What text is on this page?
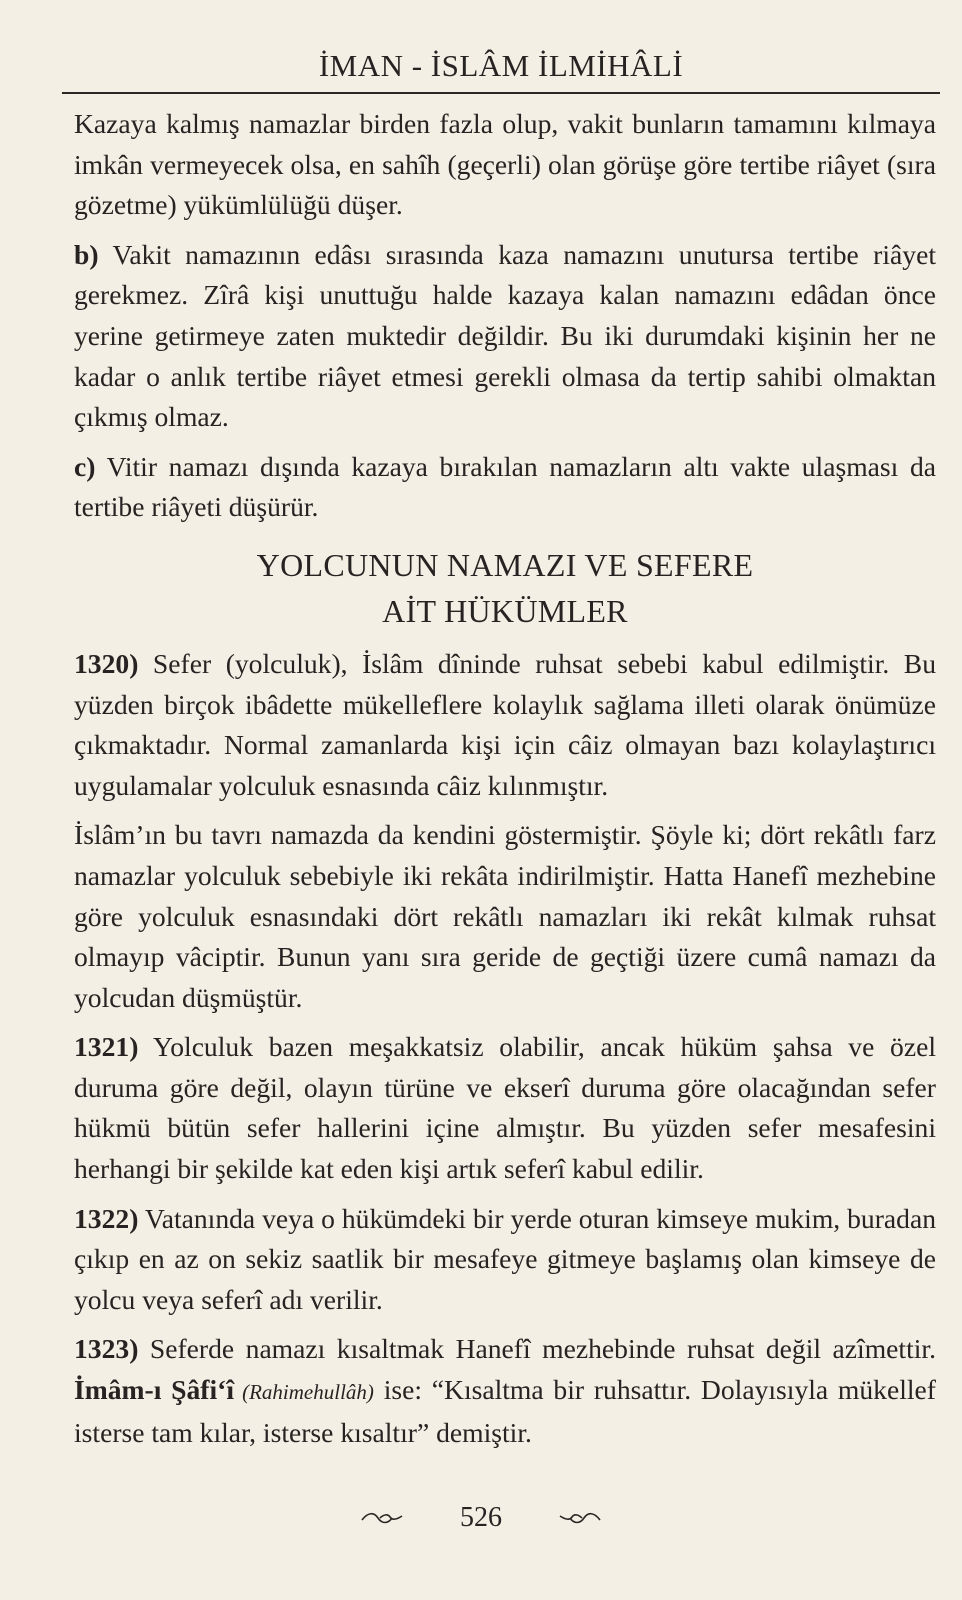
İMAN - İSLÂM İLMİHÂLİ

Kazaya kalmış namazlar birden fazla olup, vakit bunların tamamını kılmaya imkân vermeyecek olsa, en sahîh (geçerli) olan görüşe göre tertibe riâyet (sıra gözetme) yükümlülüğü düşer.

b) Vakit namazının edâsı sırasında kaza namazını unutursa tertibe riâyet gerekmez. Zîrâ kişi unuttuğu halde kazaya kalan namazını edâdan önce yerine getirmeye zaten muktedir değildir. Bu iki durumdaki kişinin her ne kadar o anlık tertibe riâyet etmesi gerekli olmasa da tertip sahibi olmaktan çıkmış olmaz.

c) Vitir namazı dışında kazaya bırakılan namazların altı vakte ulaşması da tertibe riâyeti düşürür.

YOLCUNUN NAMAZI VE SEFERE
AİT HÜKÜMLER

1320) Sefer (yolculuk), İslâm dîninde ruhsat sebebi kabul edilmiştir. Bu yüzden birçok ibâdette mükelleflere kolaylık sağlama illeti olarak önümüze çıkmaktadır. Normal zamanlarda kişi için câiz olmayan bazı kolaylaştırıcı uygulamalar yolculuk esnasında câiz kılınmıştır.

İslâm’ın bu tavrı namazda da kendini göstermiştir. Şöyle ki; dört rekâtlı farz namazlar yolculuk sebebiyle iki rekâta indirilmiştir. Hatta Hanefî mezhebine göre yolculuk esnasındaki dört rekâtlı namazları iki rekât kılmak ruhsat olmayıp vâciptir. Bunun yanı sıra geride de geçtiği üzere cumâ namazı da yolcudan düşmüştür.

1321) Yolculuk bazen meşakkatsiz olabilir, ancak hüküm şahsa ve özel duruma göre değil, olayın türüne ve ekserî duruma göre olacağından sefer hükmü bütün sefer hallerini içine almıştır. Bu yüzden sefer mesafesini herhangi bir şekilde kat eden kişi artık seferî kabul edilir.

1322) Vatanında veya o hükümdeki bir yerde oturan kimseye mukim, buradan çıkıp en az on sekiz saatlik bir mesafeye gitmeye başlamış olan kimseye de yolcu veya seferî adı verilir.

1323) Seferde namazı kısaltmak Hanefî mezhebinde ruhsat değil azîmettir. İmâm-ı Şâfi‘î (Rahimehullâh) ise: “Kısaltma bir ruhsattır. Dolayısıyla mükellef isterse tam kılar, isterse kısaltır” demiştir.

526
